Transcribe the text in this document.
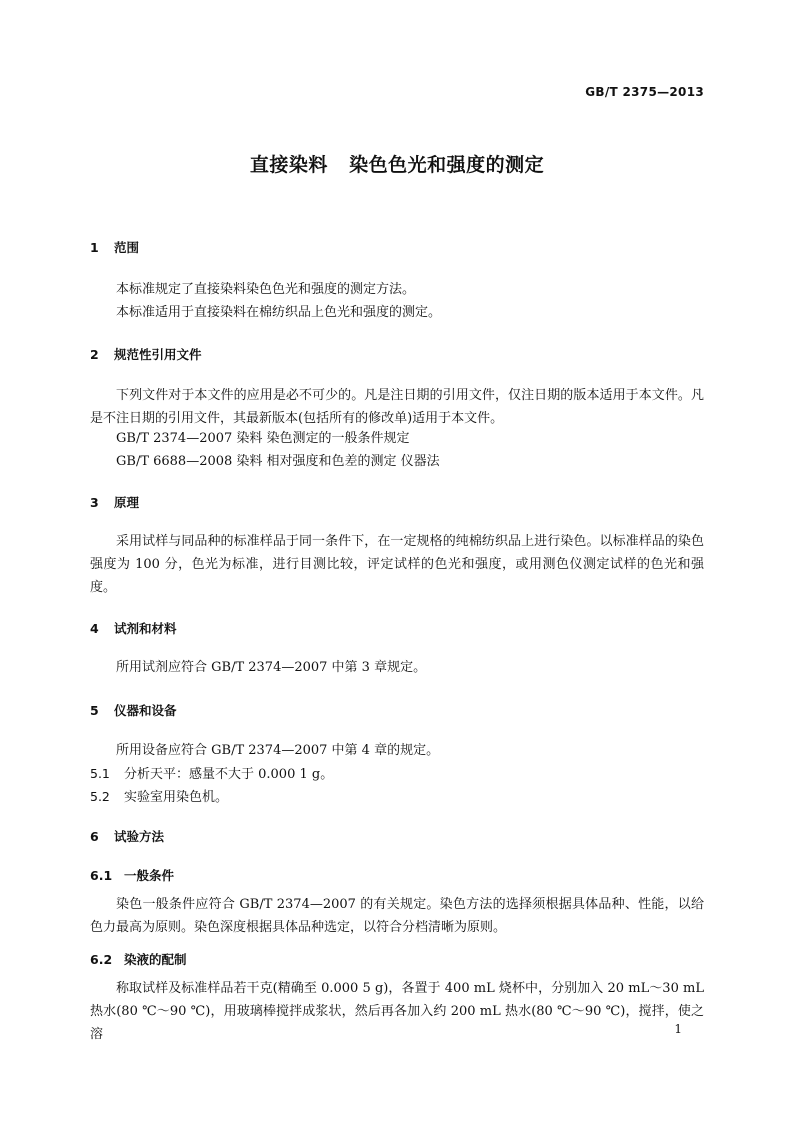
GB/T 2375—2013
直接染料   染色色光和强度的测定
1 范围
本标准规定了直接染料染色色光和强度的测定方法。
本标准适用于直接染料在棉纺织品上色光和强度的测定。
2 规范性引用文件
下列文件对于本文件的应用是必不可少的。凡是注日期的引用文件，仅注日期的版本适用于本文件。凡是不注日期的引用文件，其最新版本(包括所有的修改单)适用于本文件。
GB/T 2374—2007 染料 染色测定的一般条件规定
GB/T 6688—2008 染料 相对强度和色差的测定 仪器法
3 原理
采用试样与同品种的标准样品于同一条件下，在一定规格的纯棉纺织品上进行染色。以标准样品的染色强度为 100 分，色光为标准，进行目测比较，评定试样的色光和强度，或用测色仪测定试样的色光和强度。
4 试剂和材料
所用试剂应符合 GB/T 2374—2007 中第 3 章规定。
5 仪器和设备
所用设备应符合 GB/T 2374—2007 中第 4 章的规定。
5.1 分析天平：感量不大于 0.000 1 g。
5.2 实验室用染色机。
6 试验方法
6.1 一般条件
染色一般条件应符合 GB/T 2374—2007 的有关规定。染色方法的选择须根据具体品种、性能，以给色力最高为原则。染色深度根据具体品种选定，以符合分档清晰为原则。
6.2 染液的配制
称取试样及标准样品若干克(精确至 0.000 5 g)，各置于 400 mL 烧杯中，分别加入 20 mL～30 mL 热水(80 ℃～90 ℃)，用玻璃棒搅拌成浆状，然后再各加入约 200 mL 热水(80 ℃～90 ℃)，搅拌，使之溶	1
